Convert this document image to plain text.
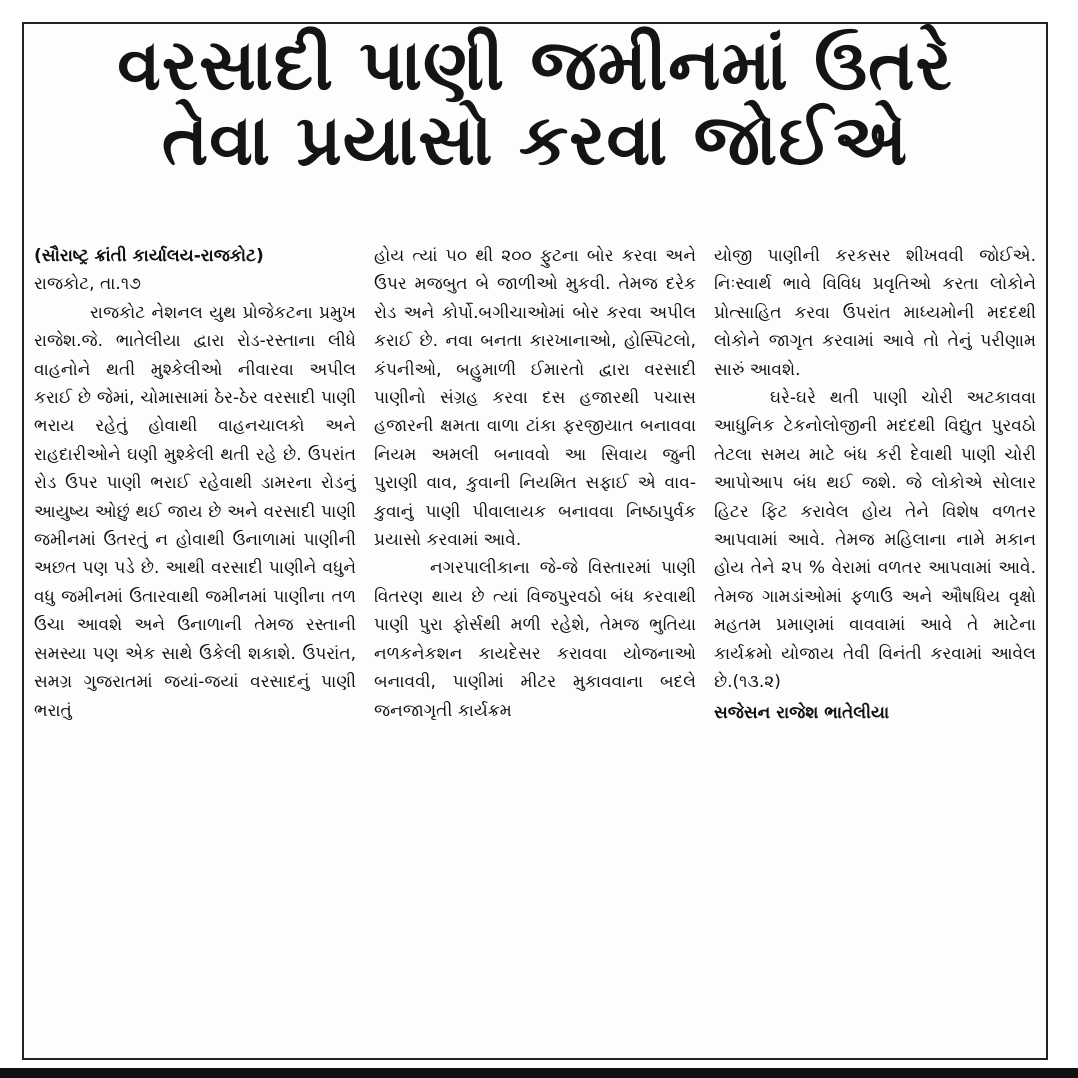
વરસાદી પાણી જમીનમાં ઉતરે
તેવા પ્રયાસો કરવા જોઈએ
(સૌરાષ્ટ્ર ક્રાંતી કાર્યાલય-રાજકોટ)
રાજકોટ, તા.૧૭

રાજકોટ નેશનલ યુથ પ્રોજેકટના પ્રમુખ રાજેશ.જે. ભાતેલીયા દ્વારા રોડ-રસ્તાના લીધે વાહનોને થતી મુશ્કેલીઓ નીવારવા અપીલ કરાઈ છે જેમાં, ચોમાસામાં ઠેર-ઠેર વરસાદી પાણી ભરાય રહેતું હોવાથી વાહનચાલકો અને રાહદારીઓને ઘણી મુશ્કેલી થતી રહે છે. ઉપરાંત રોડ ઉપર પાણી ભરાઈ રહેવાથી ડામરના રોડનું આયુષ્ય ઓછું થઈ જાય છે અને વરસાદી પાણી જમીનમાં ઉતરતું ન હોવાથી ઉનાળામાં પાણીની અછત પણ પડે છે. આથી વરસાદી પાણીને વધુને વધુ જમીનમાં ઉતારવાથી જમીનમાં પાણીના તળ ઉચા આવશે અને ઉનાળાની તેમજ રસ્તાની સમસ્યા પણ એક સાથે ઉકેલી શકાશે. ઉપરાંત, સમગ્ર ગુજરાતમાં જયાં-જયાં વરસાદનું પાણી ભરાતું

હોય ત્યાં ૫૦ થી ૨૦૦ ફુટના બોર કરવા અને ઉપર મજબુત બે જાળીઓ મુકવી. તેમજ દરેક રોડ અને કોર્પો.બગીચાઓમાં બોર કરવા અપીલ કરાઈ છે. નવા બનતા કારખાનાઓ, હોસ્પિટલો, કંપનીઓ, બહુમાળી ઈમારતો દ્વારા વરસાદી પાણીનો સંગ્રહ કરવા દસ હજારથી પચાસ હજારની ક્ષમતા વાળા ટાંકા ફરજીયાત બનાવવા નિયમ અમલી બનાવવો આ સિવાય જુની પુરાણી વાવ, કુવાની નિયમિત સફાઈ એ વાવ-કુવાનું પાણી પીવાલાયક બનાવવા નિષ્ઠાપુર્વક પ્રયાસો કરવામાં આવે.

નગરપાલીકાના જે-જે વિસ્તારમાં પાણી વિતરણ થાય છે ત્યાં વિજપુરવઠો બંધ કરવાથી પાણી પુરા ફોર્સથી મળી રહેશે, તેમજ ભુતિયા નળકનેકશન કાયદેસર કરાવવા યોજનાઓ બનાવવી, પાણીમાં મીટર મુકાવવાના બદલે જનજાગૃતી કાર્યક્રમ

યોજી પાણીની કરકસર શીખવવી જોઈએ. નિઃસ્વાર્થ ભાવે વિવિધ પ્રવૃતિઓ કરતા લોકોને પ્રોત્સાહિત કરવા ઉપરાંત માધ્યમોની મદદથી લોકોને જાગૃત કરવામાં આવે તો તેનું પરીણામ સારું આવશે.

ઘરે-ઘરે થતી પાણી ચોરી અટકાવવા આધુનિક ટેકનોલોજીની મદદથી વિદ્યુત પુરવઠો તેટલા સમય માટે બંધ કરી દેવાથી પાણી ચોરી આપોઆપ બંધ થઈ જશે. જે લોકોએ સોલાર હિટર ફિટ કરાવેલ હોય તેને વિશેષ વળતર આપવામાં આવે. તેમજ મહિલાના નામે મકાન હોય તેને ૨૫ % વેરામાં વળતર આપવામાં આવે. તેમજ ગામડાંઓમાં ફળાઉ અને ઔષધિય વૃક્ષો મહતમ પ્રમાણમાં વાવવામાં આવે તે માટેના કાર્યક્રમો યોજાય તેવી વિનંતી કરવામાં આવેલ છે.(૧૩.૨)

સજેસન રાજેશ ભાતેલીયા
